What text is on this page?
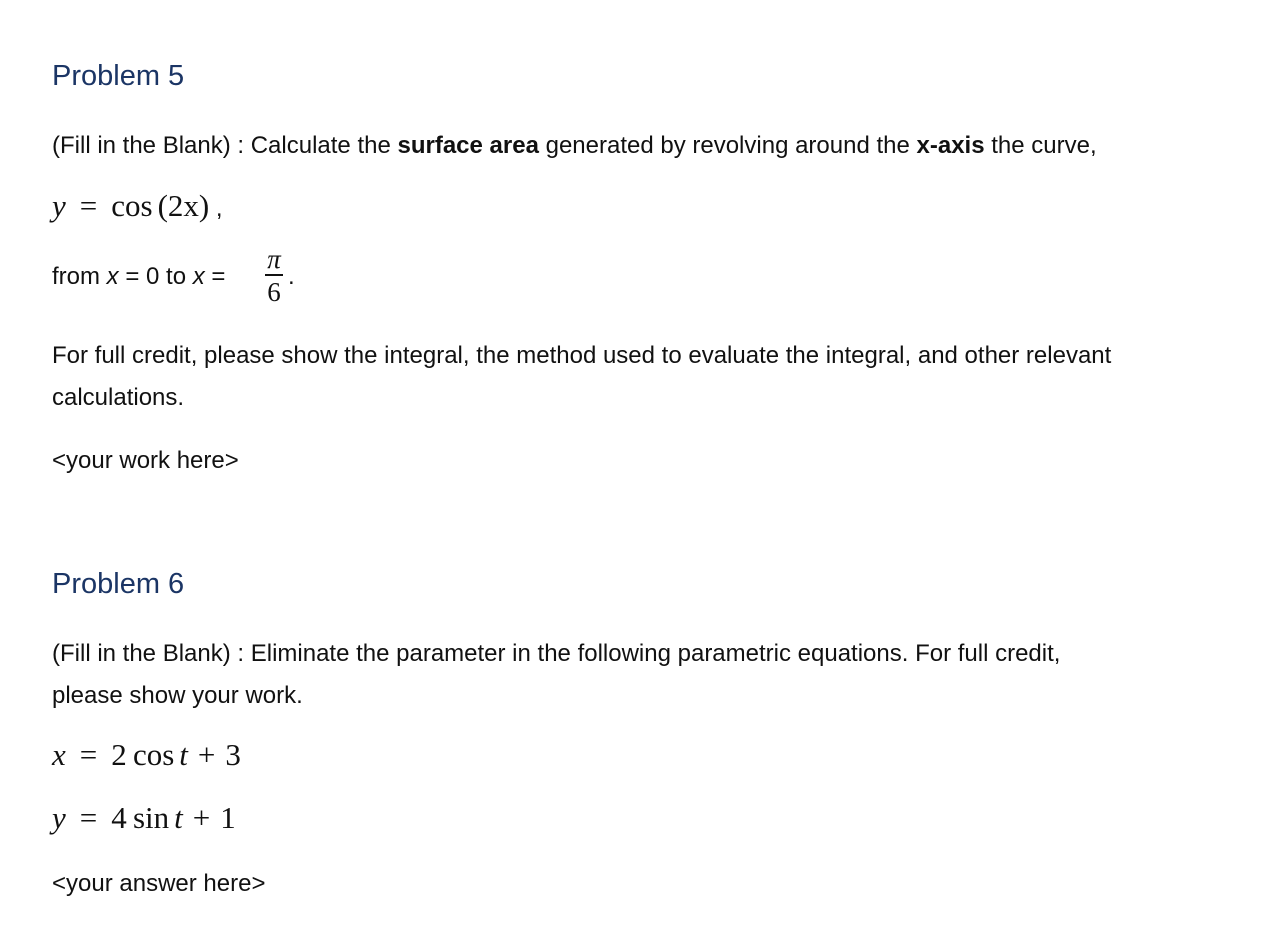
Problem 5
(Fill in the Blank) : Calculate the surface area generated by revolving around the x-axis the curve,
y = cos (2x) ,
from x = 0 to x =
π
6
.
For full credit, please show the integral, the method used to evaluate the integral, and other relevant
calculations.
<your work here>
Problem 6
(Fill in the Blank) : Eliminate the parameter in the following parametric equations. For full credit,
please show your work.
x = 2  cos t + 3
y = 4  sin t + 1
<your answer here>
